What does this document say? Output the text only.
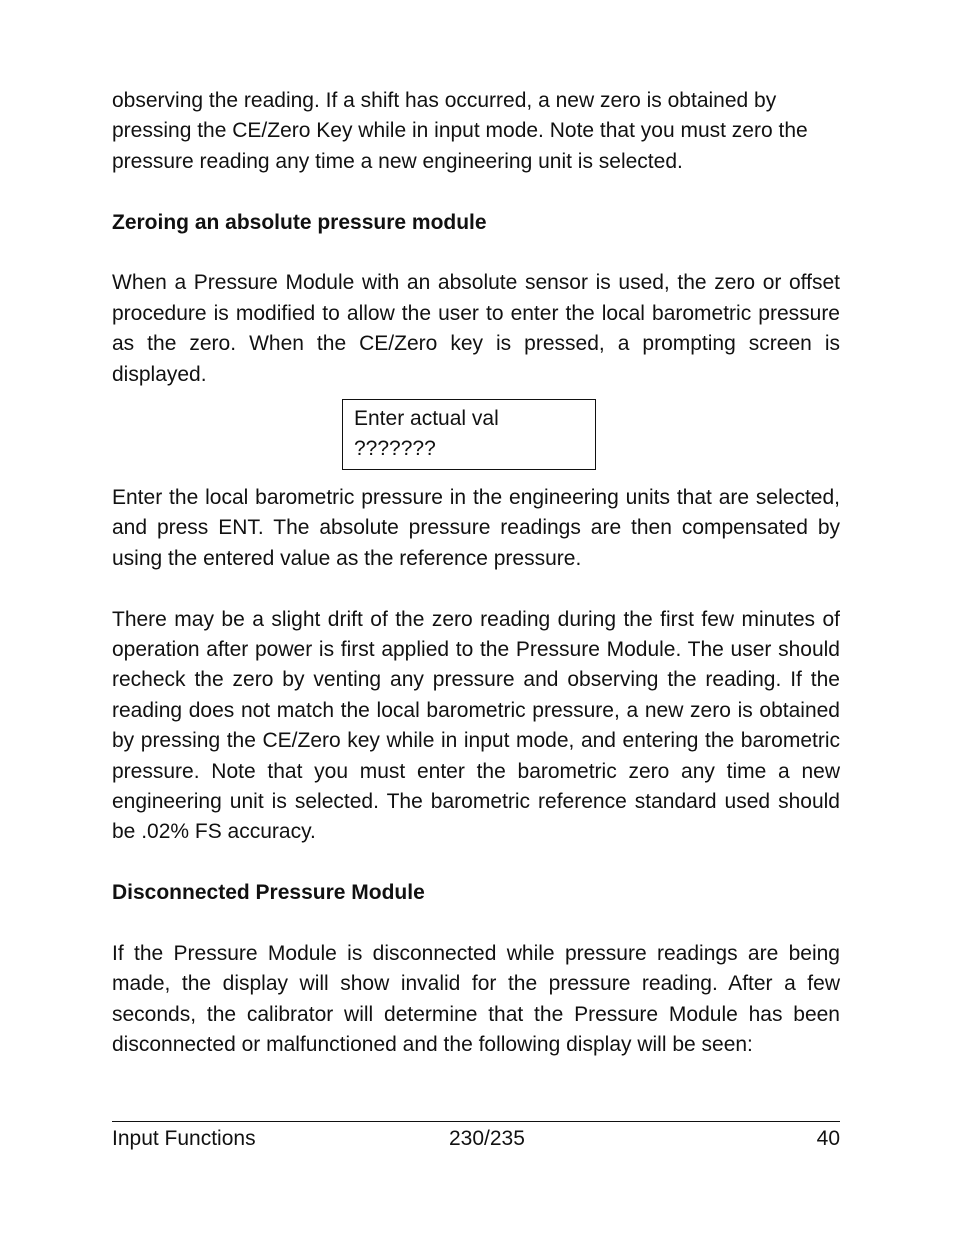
observing the reading. If a shift has occurred, a new zero is obtained by pressing the CE/Zero Key while in input mode. Note that you must zero the pressure reading any time a new engineering unit is selected.

Zeroing an absolute pressure module

When a Pressure Module with an absolute sensor is used, the zero or offset procedure is modified to allow the user to enter the local barometric pressure as the zero. When the CE/Zero key is pressed, a prompting screen is displayed.

Enter actual val
???????

Enter the local barometric pressure in the engineering units that are selected, and press ENT. The absolute pressure readings are then compensated by using the entered value as the reference pressure.

There may be a slight drift of the zero reading during the first few minutes of operation after power is first applied to the Pressure Module. The user should recheck the zero by venting any pressure and observing the reading. If the reading does not match the local barometric pressure, a new zero is obtained by pressing the CE/Zero key while in input mode, and entering the barometric pressure. Note that you must enter the barometric zero any time a new engineering unit is selected. The barometric reference standard used should be .02% FS accuracy.

Disconnected Pressure Module

If the Pressure Module is disconnected while pressure readings are being made, the display will show invalid for the pressure reading. After a few seconds, the calibrator will determine that the Pressure Module has been disconnected or malfunctioned and the following display will be seen:

Input Functions	230/235	40
